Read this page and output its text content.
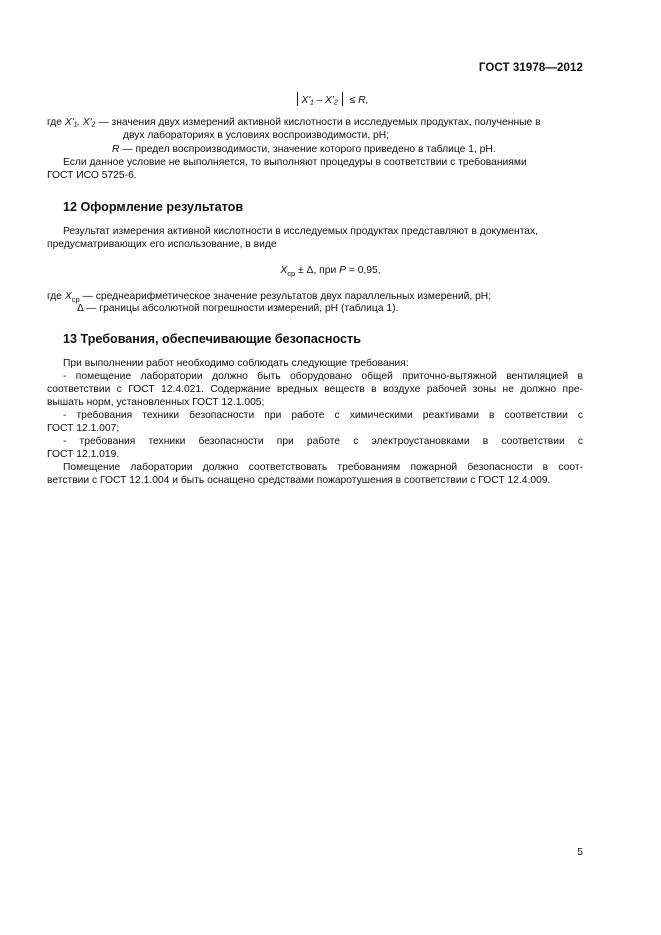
ГОСТ 31978—2012
X'₁ – X'₂ ≤ R,
где X'₁, X'₂ — значения двух измерений активной кислотности в исследуемых продуктах, полученные в
двух лабораториях в условиях воспроизводимости, pH;
R — предел воспроизводимости, значение которого приведено в таблице 1, pH.
Если данное условие не выполняется, то выполняют процедуры в соответствии с требованиями
ГОСТ ИСО 5725-6.
12 Оформление результатов
Результат измерения активной кислотности в исследуемых продуктах представляют в документах,
предусматривающих его использование, в виде
$X_{ср} \pm \Delta$, при P = 0,95,
где $X_{ср}$ — среднеарифметическое значение результатов двух параллельных измерений, pH;
Δ — границы абсолютной погрешности измерений, pH (таблица 1).
13 Требования, обеспечивающие безопасность
При выполнении работ необходимо соблюдать следующие требования:
- помещение лаборатории должно быть оборудовано общей приточно-вытяжной вентиляцией в
соответствии с ГОСТ 12.4.021. Содержание вредных веществ в воздухе рабочей зоны не должно пре-
вышать норм, установленных ГОСТ 12.1.005;
- требования техники безопасности при работе с химическими реактивами в соответствии с
ГОСТ 12.1.007;
- требования техники безопасности при работе с электроустановками в соответствии с
ГОСТ 12.1.019.
Помещение лаборатории должно соответствовать требованиям пожарной безопасности в соот-
ветствии с ГОСТ 12.1.004 и быть оснащено средствами пожаротушения в соответствии с ГОСТ 12.4.009.
5
